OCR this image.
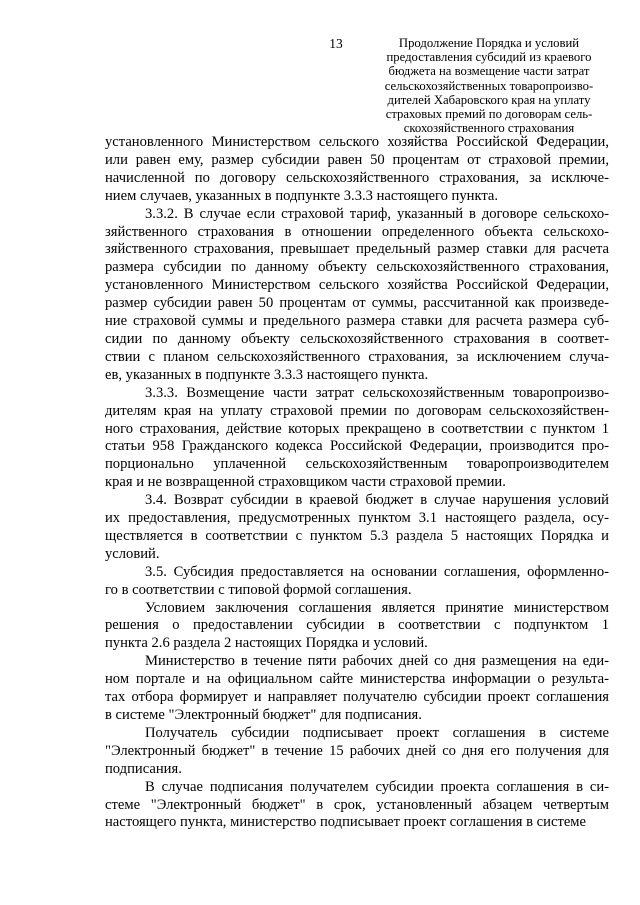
13	Продолжение Порядка и условий
предоставления субсидий из краевого
бюджета на возмещение части затрат
сельскохозяйственных товаропроизво-
дителей Хабаровского края на уплату
страховых премий по договорам сель-
скохозяйственного страхования
установленного Министерством сельского хозяйства Российской Федерации,
или равен ему, размер субсидии равен 50 процентам от страховой премии,
начисленной по договору сельскохозяйственного страхования, за исключе-
нием случаев, указанных в подпункте 3.3.3 настоящего пункта.
3.3.2. В случае если страховой тариф, указанный в договоре сельскохо-
зяйственного страхования в отношении определенного объекта сельскохо-
зяйственного страхования, превышает предельный размер ставки для расчета
размера субсидии по данному объекту сельскохозяйственного страхования,
установленного Министерством сельского хозяйства Российской Федерации,
размер субсидии равен 50 процентам от суммы, рассчитанной как произведе-
ние страховой суммы и предельного размера ставки для расчета размера суб-
сидии по данному объекту сельскохозяйственного страхования в соответ-
ствии с планом сельскохозяйственного страхования, за исключением случа-
ев, указанных в подпункте 3.3.3 настоящего пункта.
3.3.3. Возмещение части затрат сельскохозяйственным товаропроизво-
дителям края на уплату страховой премии по договорам сельскохозяйствен-
ного страхования, действие которых прекращено в соответствии с пунктом 1
статьи 958 Гражданского кодекса Российской Федерации, производится про-
порционально уплаченной сельскохозяйственным товаропроизводителем
края и не возвращенной страховщиком части страховой премии.
3.4. Возврат субсидии в краевой бюджет в случае нарушения условий
их предоставления, предусмотренных пунктом 3.1 настоящего раздела, осу-
ществляется в соответствии с пунктом 5.3 раздела 5 настоящих Порядка и
условий.
3.5. Субсидия предоставляется на основании соглашения, оформленно-
го в соответствии с типовой формой соглашения.
Условием заключения соглашения является принятие министерством
решения о предоставлении субсидии в соответствии с подпунктом 1
пункта 2.6 раздела 2 настоящих Порядка и условий.
Министерство в течение пяти рабочих дней со дня размещения на еди-
ном портале и на официальном сайте министерства информации о результа-
тах отбора формирует и направляет получателю субсидии проект соглашения
в системе "Электронный бюджет" для подписания.
Получатель субсидии подписывает проект соглашения в системе
"Электронный бюджет" в течение 15 рабочих дней со дня его получения для
подписания.
В случае подписания получателем субсидии проекта соглашения в си-
стеме "Электронный бюджет" в срок, установленный абзацем четвертым
настоящего пункта, министерство подписывает проект соглашения в системе
